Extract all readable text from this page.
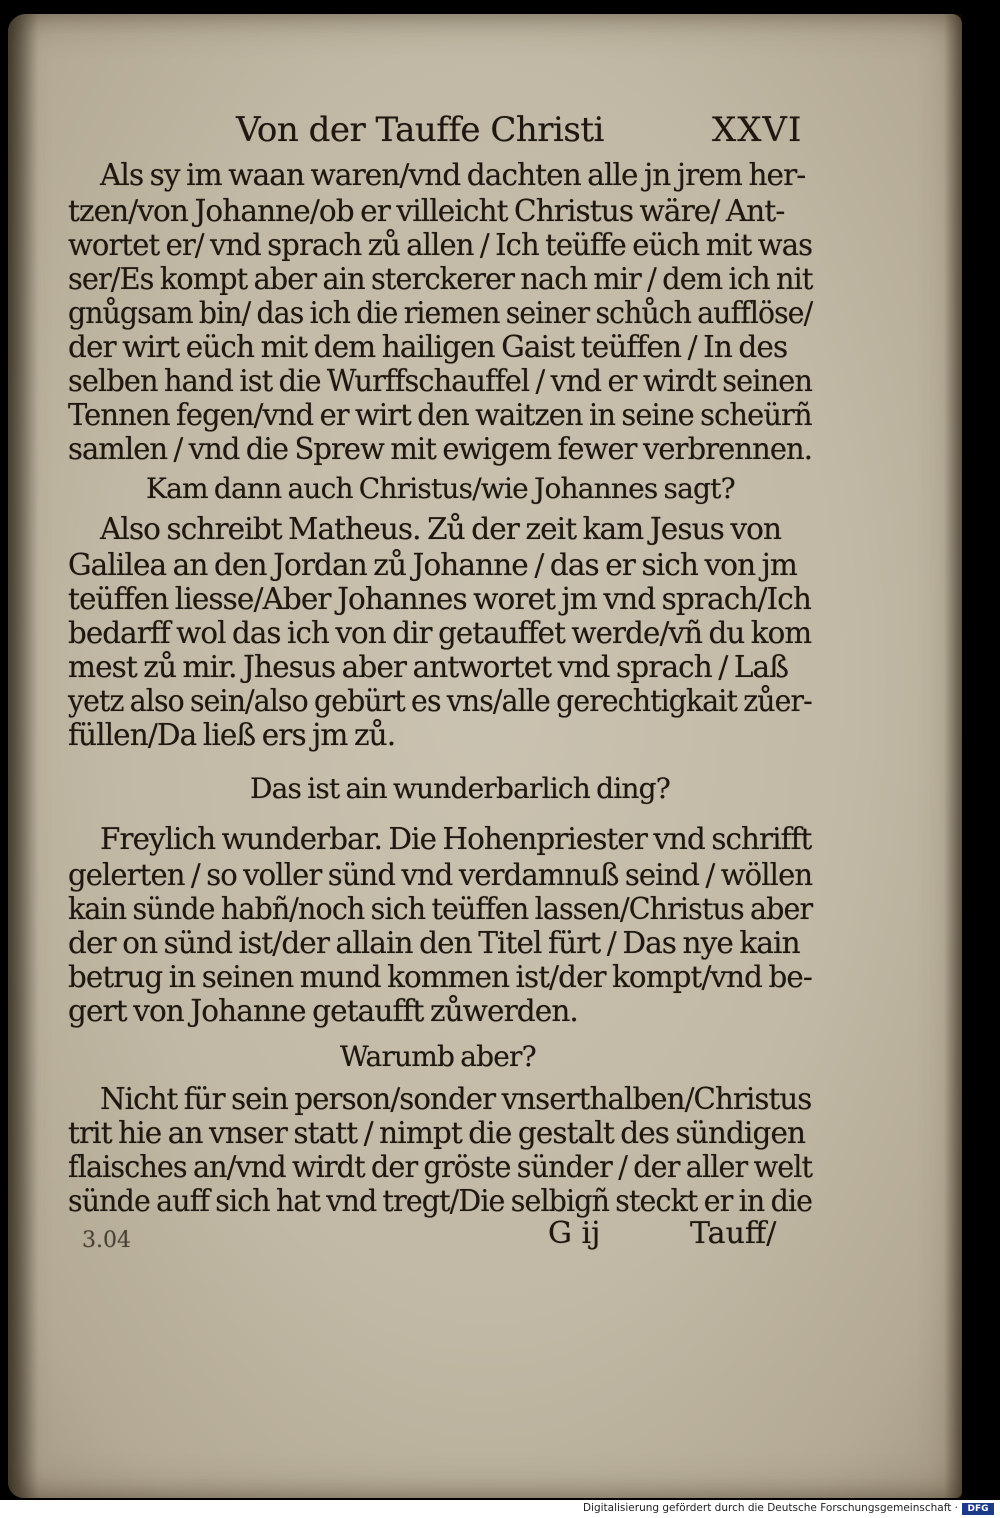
Von der Tauffe Christi	XXVI
Als sy im waan waren/vnd dachten alle jn jrem her-
tzen/von Johanne/ob er villeicht Christus wäre/ Ant-
wortet er/ vnd sprach zů allen / Ich teüffe eüch mit was
ser/Es kompt aber ain sterckerer nach mir / dem ich nit
gnůgsam bin/ das ich die riemen seiner schůch aufflöse/
der wirt eüch mit dem hailigen Gaist teüffen / In des
selben hand ist die Wurffschauffel / vnd er wirdt seinen
Tennen fegen/vnd er wirt den waitzen in seine scheürñ
samlen / vnd die Sprew mit ewigem fewer verbrennen.
Kam dann auch Christus/wie Johannes sagt?
Also schreibt Matheus. Zů der zeit kam Jesus von
Galilea an den Jordan zů Johanne / das er sich von jm
teüffen liesse/Aber Johannes woret jm vnd sprach/Ich
bedarff wol das ich von dir getauffet werde/vñ du kom
mest zů mir. Jhesus aber antwortet vnd sprach / Laß
yetz also sein/also gebürt es vns/alle gerechtigkait zůer-
füllen/Da ließ ers jm zů.
Das ist ain wunderbarlich ding?
Freylich wunderbar. Die Hohenpriester vnd schrifft
gelerten / so voller sünd vnd verdamnuß seind / wöllen
kain sünde habñ/noch sich teüffen lassen/Christus aber
der on sünd ist/der allain den Titel fürt / Das nye kain
betrug in seinen mund kommen ist/der kompt/vnd be-
gert von Johanne getaufft zůwerden.
Warumb aber?
Nicht für sein person/sonder vnserthalben/Christus
trit hie an vnser statt / nimpt die gestalt des sündigen
flaisches an/vnd wirdt der gröste sünder / der aller welt
sünde auff sich hat vnd tregt/Die selbigñ steckt er in die
3.04	G ij	Tauff/
Digitalisierung gefördert durch die Deutsche Forschungsgemeinschaft ·	DFG
